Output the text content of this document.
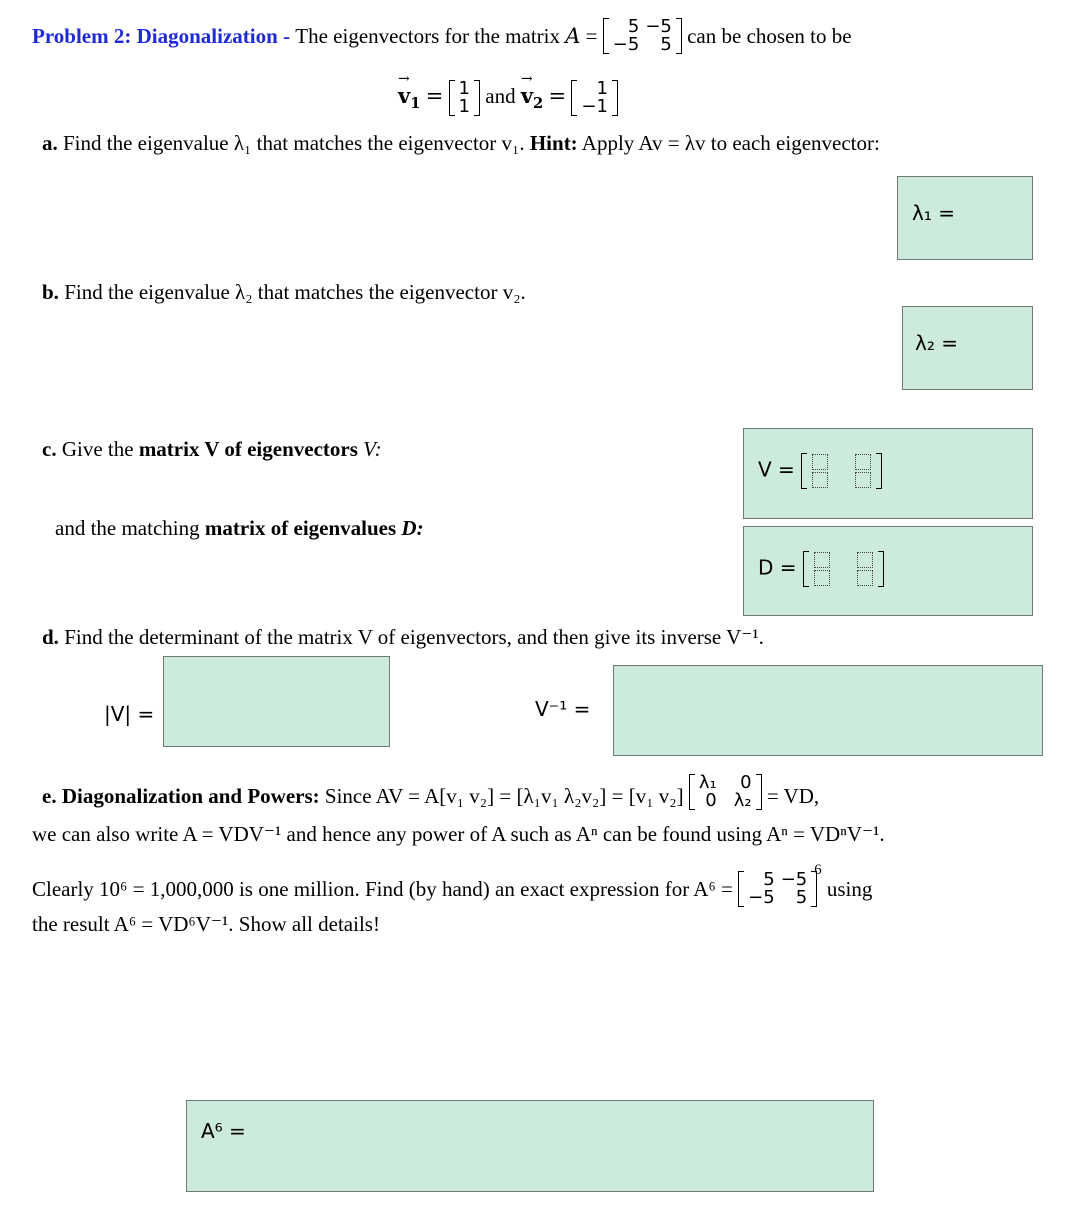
Problem 2: Diagonalization - The eigenvectors for the matrix A = 5	−5
−5	5 can be chosen to be
→ $v_1 = 1$
1 and → $v_2 = 1$
−1
a. Find the eigenvalue λ₁ that matches the eigenvector v₁. Hint: Apply Av = λv to each eigenvector:
λ₁ =
b. Find the eigenvalue λ₂ that matches the eigenvector v₂.
λ₂ =
c. Give the matrix V of eigenvectors V:
V =

and the matching matrix of eigenvalues D:
D =

d. Find the determinant of the matrix V of eigenvectors, and then give its inverse V⁻¹.
|V| =	V⁻¹ =
e. Diagonalization and Powers: Since AV = A[v₁ v₂] = [λ₁v₁ λ₂v₂] = [v₁ v₂]
λ₁	0
0	λ₂ = VD,
we can also write A = VDV⁻¹ and hence any power of A such as Aⁿ can be found using Aⁿ = VDⁿV⁻¹.
Clearly 10⁶ = 1,000,000 is one million. Find (by hand) an exact expression for A⁶ = 5	−5
−5	5
$^6$ using
the result A⁶ = VD⁶V⁻¹. Show all details!
A⁶ =
